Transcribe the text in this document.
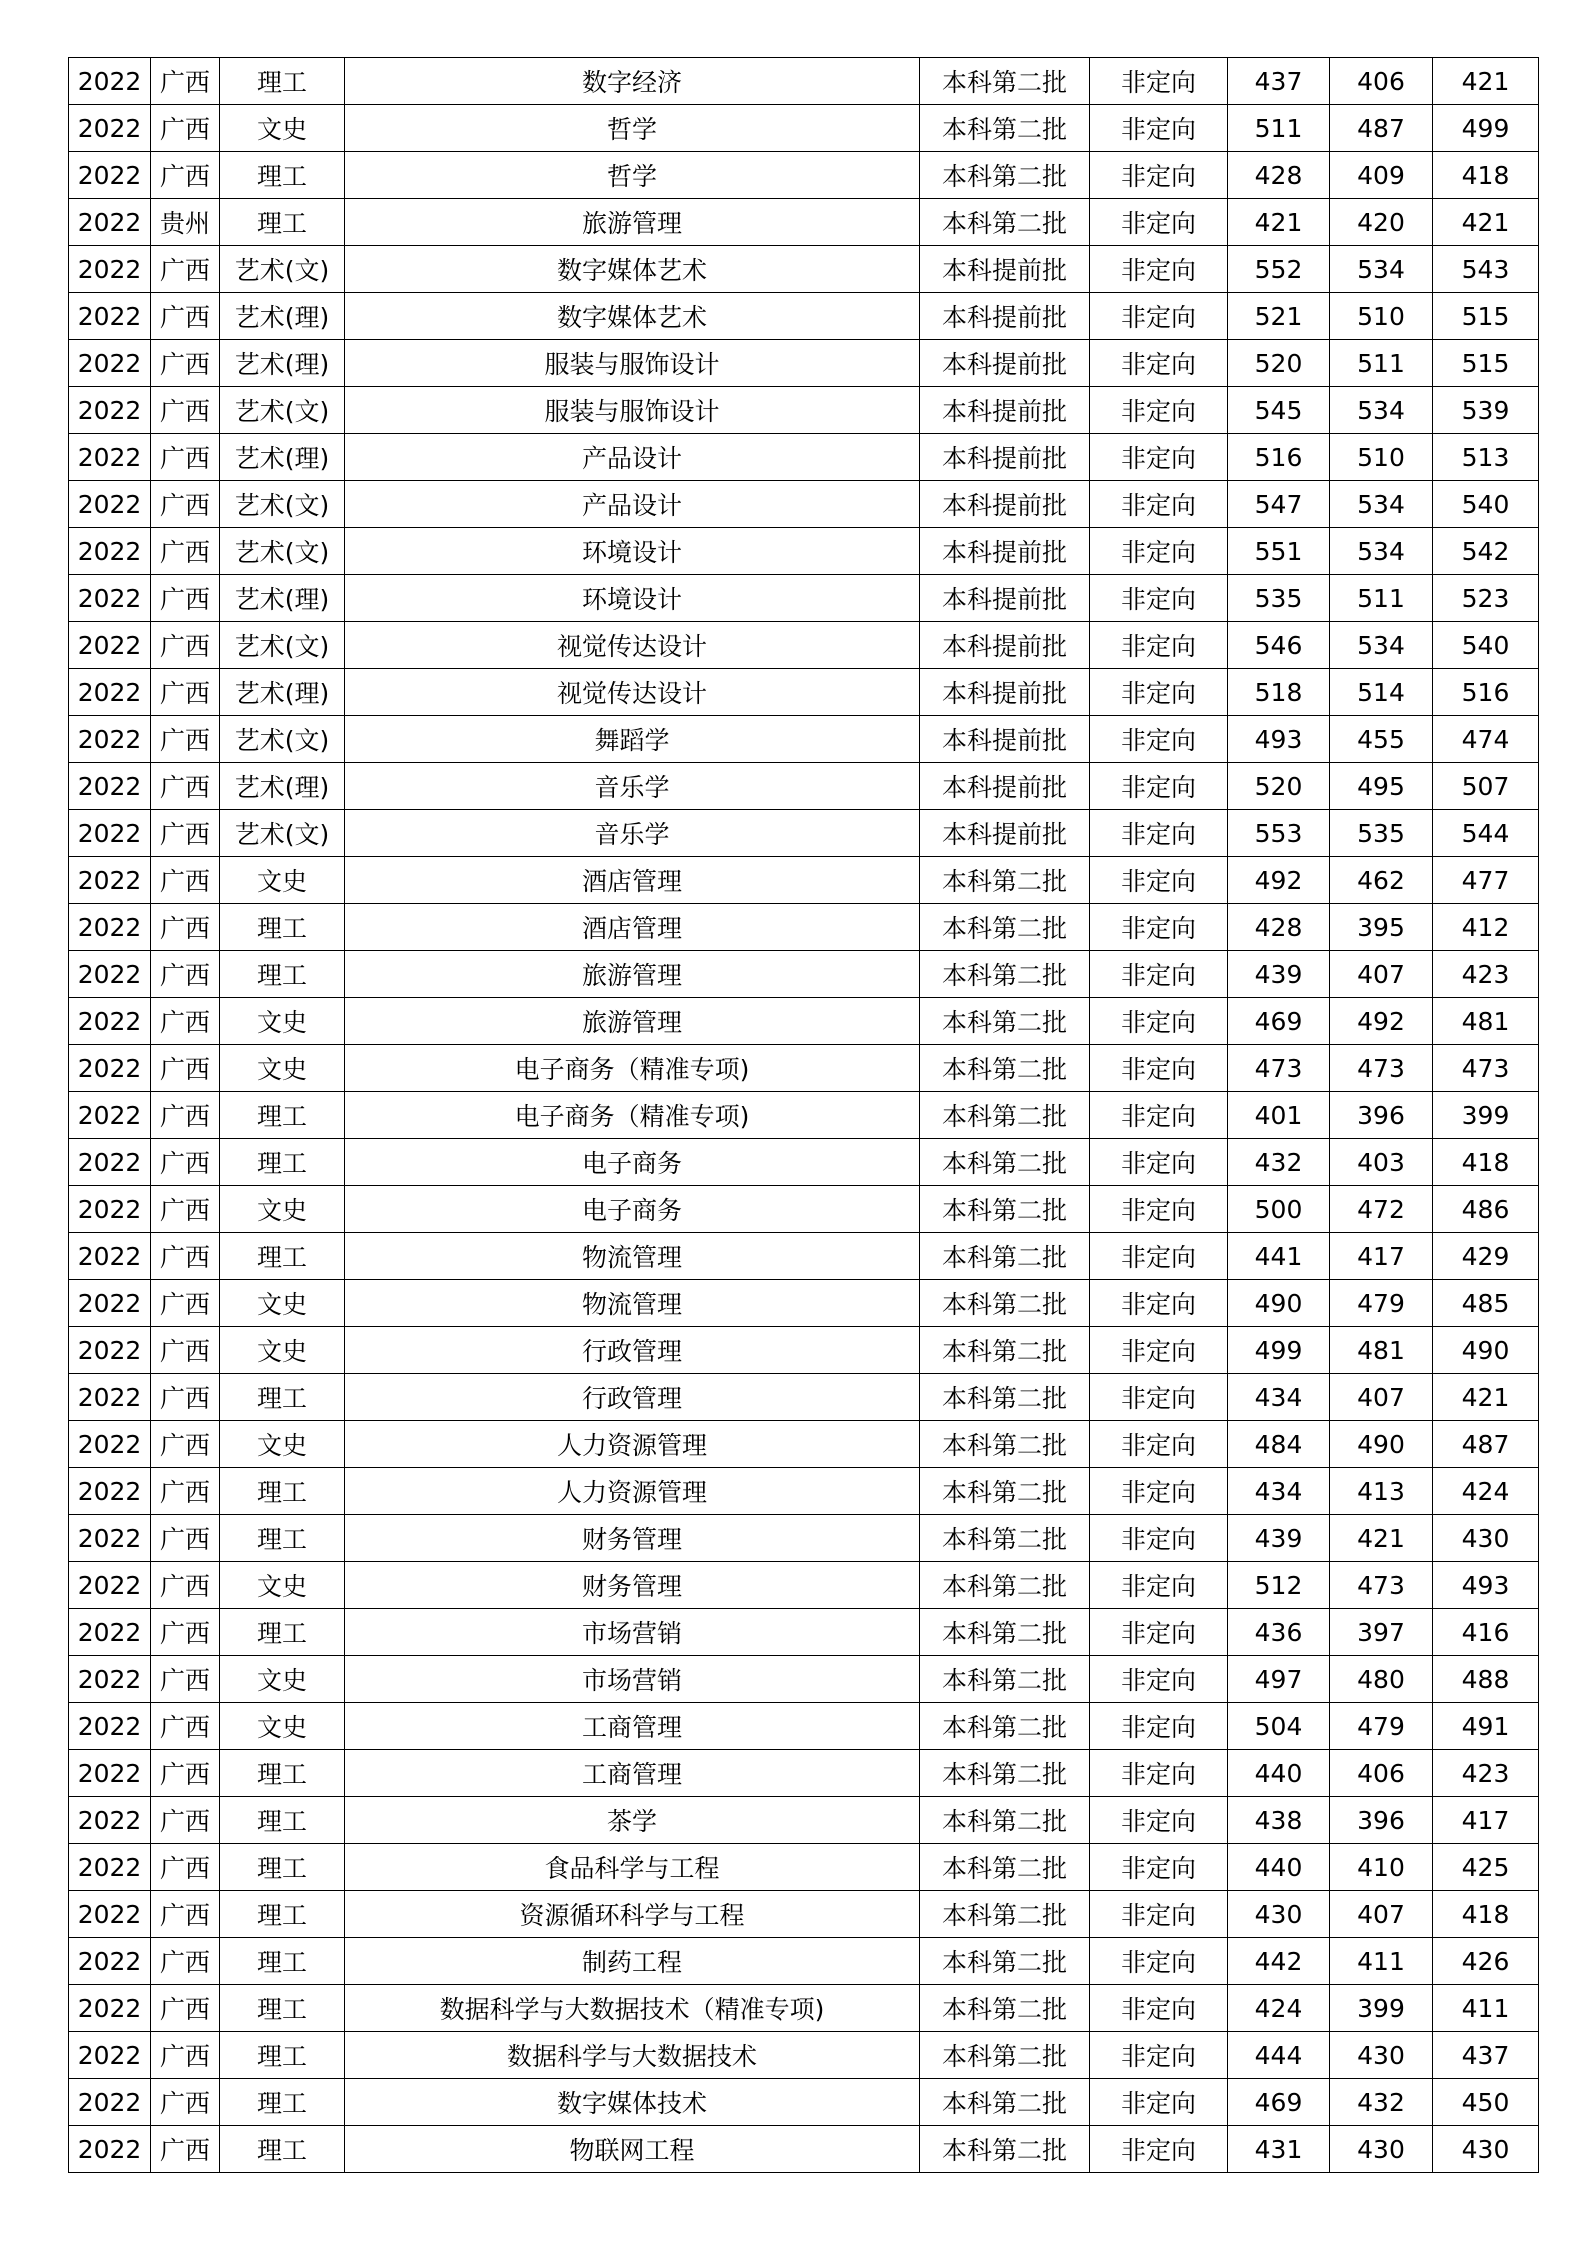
2022	广西	理工	数字经济	本科第二批	非定向	437	406	421
2022	广西	文史	哲学	本科第二批	非定向	511	487	499
2022	广西	理工	哲学	本科第二批	非定向	428	409	418
2022	贵州	理工	旅游管理	本科第二批	非定向	421	420	421
2022	广西	艺术(文)	数字媒体艺术	本科提前批	非定向	552	534	543
2022	广西	艺术(理)	数字媒体艺术	本科提前批	非定向	521	510	515
2022	广西	艺术(理)	服装与服饰设计	本科提前批	非定向	520	511	515
2022	广西	艺术(文)	服装与服饰设计	本科提前批	非定向	545	534	539
2022	广西	艺术(理)	产品设计	本科提前批	非定向	516	510	513
2022	广西	艺术(文)	产品设计	本科提前批	非定向	547	534	540
2022	广西	艺术(文)	环境设计	本科提前批	非定向	551	534	542
2022	广西	艺术(理)	环境设计	本科提前批	非定向	535	511	523
2022	广西	艺术(文)	视觉传达设计	本科提前批	非定向	546	534	540
2022	广西	艺术(理)	视觉传达设计	本科提前批	非定向	518	514	516
2022	广西	艺术(文)	舞蹈学	本科提前批	非定向	493	455	474
2022	广西	艺术(理)	音乐学	本科提前批	非定向	520	495	507
2022	广西	艺术(文)	音乐学	本科提前批	非定向	553	535	544
2022	广西	文史	酒店管理	本科第二批	非定向	492	462	477
2022	广西	理工	酒店管理	本科第二批	非定向	428	395	412
2022	广西	理工	旅游管理	本科第二批	非定向	439	407	423
2022	广西	文史	旅游管理	本科第二批	非定向	469	492	481
2022	广西	文史	电子商务（精准专项)	本科第二批	非定向	473	473	473
2022	广西	理工	电子商务（精准专项)	本科第二批	非定向	401	396	399
2022	广西	理工	电子商务	本科第二批	非定向	432	403	418
2022	广西	文史	电子商务	本科第二批	非定向	500	472	486
2022	广西	理工	物流管理	本科第二批	非定向	441	417	429
2022	广西	文史	物流管理	本科第二批	非定向	490	479	485
2022	广西	文史	行政管理	本科第二批	非定向	499	481	490
2022	广西	理工	行政管理	本科第二批	非定向	434	407	421
2022	广西	文史	人力资源管理	本科第二批	非定向	484	490	487
2022	广西	理工	人力资源管理	本科第二批	非定向	434	413	424
2022	广西	理工	财务管理	本科第二批	非定向	439	421	430
2022	广西	文史	财务管理	本科第二批	非定向	512	473	493
2022	广西	理工	市场营销	本科第二批	非定向	436	397	416
2022	广西	文史	市场营销	本科第二批	非定向	497	480	488
2022	广西	文史	工商管理	本科第二批	非定向	504	479	491
2022	广西	理工	工商管理	本科第二批	非定向	440	406	423
2022	广西	理工	茶学	本科第二批	非定向	438	396	417
2022	广西	理工	食品科学与工程	本科第二批	非定向	440	410	425
2022	广西	理工	资源循环科学与工程	本科第二批	非定向	430	407	418
2022	广西	理工	制药工程	本科第二批	非定向	442	411	426
2022	广西	理工	数据科学与大数据技术（精准专项)	本科第二批	非定向	424	399	411
2022	广西	理工	数据科学与大数据技术	本科第二批	非定向	444	430	437
2022	广西	理工	数字媒体技术	本科第二批	非定向	469	432	450
2022	广西	理工	物联网工程	本科第二批	非定向	431	430	430
